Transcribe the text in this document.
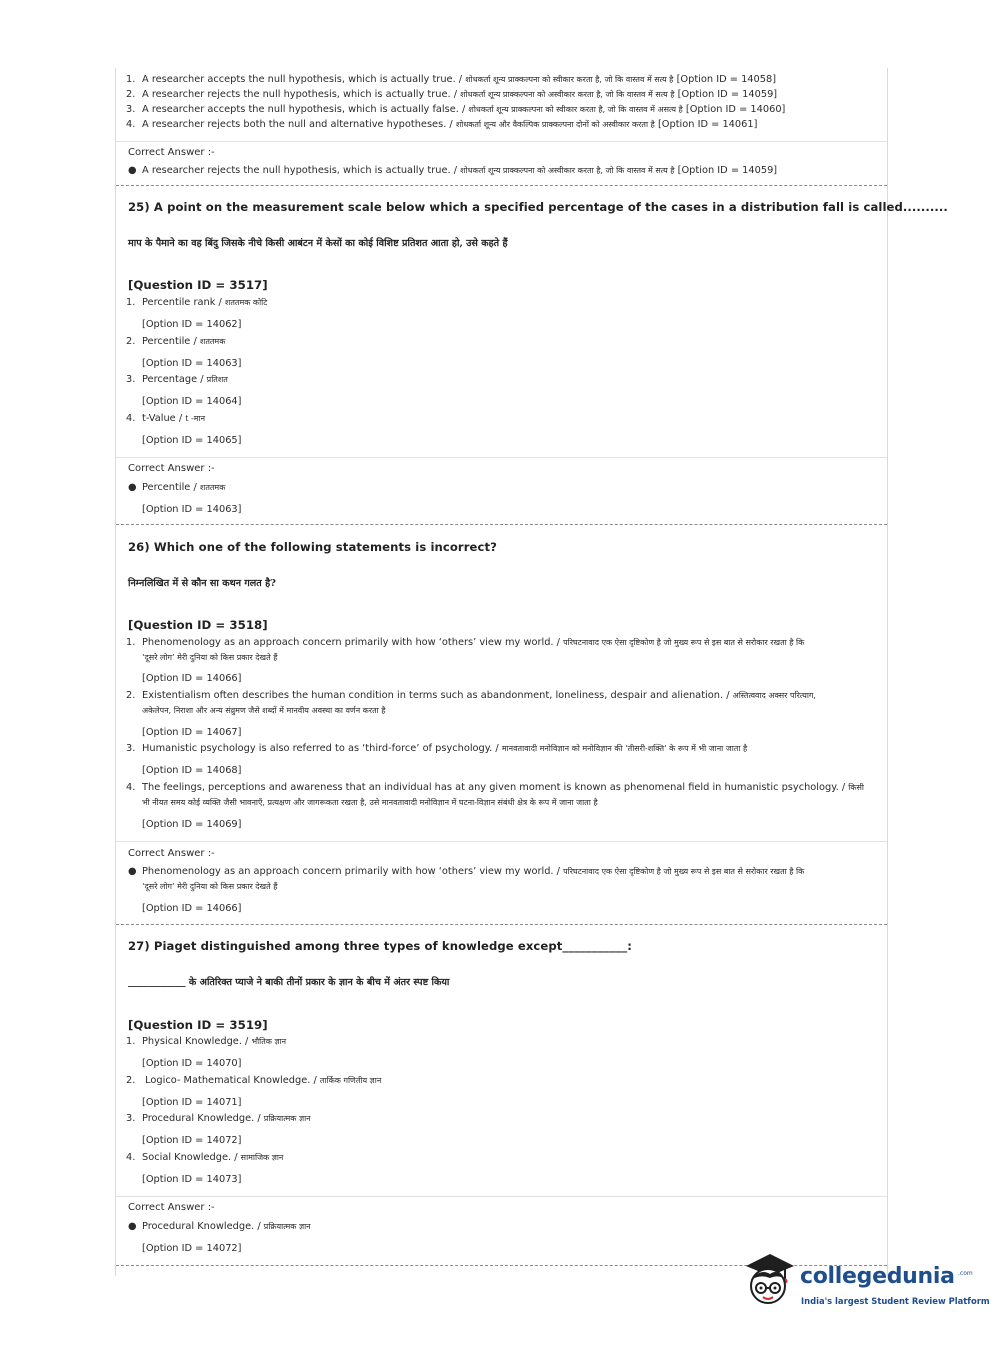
1. A researcher accepts the null hypothesis, which is actually true. / शोधकर्ता शून्य प्राक्कल्पना को स्वीकार करता है, जो कि वास्तव में सत्य है [Option ID = 14058]
2. A researcher rejects the null hypothesis, which is actually true. / शोधकर्ता शून्य प्राक्कल्पना को अस्वीकार करता है, जो कि वास्तव में सत्य है [Option ID = 14059]
3. A researcher accepts the null hypothesis, which is actually false. / शोधकर्ता शून्य प्राक्कल्पना को स्वीकार करता है, जो कि वास्तव में असत्य है [Option ID = 14060]
4. A researcher rejects both the null and alternative hypotheses. / शोधकर्ता शून्य और वैकल्पिक प्राक्कल्पना दोनों को अस्वीकार करता है [Option ID = 14061]
Correct Answer :-
● A researcher rejects the null hypothesis, which is actually true. / शोधकर्ता शून्य प्राक्कल्पना को अस्वीकार करता है, जो कि वास्तव में सत्य है [Option ID = 14059]
25) A point on the measurement scale below which a specified percentage of the cases in a distribution fall is called..........
माप के पैमाने का वह बिंदु जिसके नीचे किसी आबंटन में केसों का कोई विशिष्ट प्रतिशत आता हो, उसे कहते हैं
[Question ID = 3517]
1. Percentile rank / शततमक कोटि
[Option ID = 14062]
2. Percentile / शततमक
[Option ID = 14063]
3. Percentage / प्रतिशत
[Option ID = 14064]
4. t-Value / t -मान
[Option ID = 14065]
Correct Answer :-
● Percentile / शततमक
[Option ID = 14063]
26) Which one of the following statements is incorrect?
निम्नलिखित में से कौन सा कथन गलत है?
[Question ID = 3518]
1. Phenomenology as an approach concern primarily with how ‘others’ view my world. / परिघटनावाद एक ऐसा दृष्टिकोण है जो मुख्य रूप से इस बात से सरोकार रखता है कि
‘दूसरे लोग’ मेरी दुनिया को किस प्रकार देखते हैं
[Option ID = 14066]
2. Existentialism often describes the human condition in terms such as abandonment, loneliness, despair and alienation. / अस्तित्ववाद अक्सर परित्याग,
अकेलेपन, निराशा और अन्य संव्रुमण जैसे शब्दों में मानवीय अवस्था का वर्णन करता है
[Option ID = 14067]
3. Humanistic psychology is also referred to as ‘third-force’ of psychology. / मानवतावादी मनोविज्ञान को मनोविज्ञान की ‘तीसरी-शक्ति’ के रूप में भी जाना जाता है
[Option ID = 14068]
4. The feelings, perceptions and awareness that an individual has at any given moment is known as phenomenal field in humanistic psychology. / किसी
भी नीयत समय कोई व्यक्ति जैसी भावनाएँ, प्रत्यक्षण और जागरूकता रखता है, उसे मानवतावादी मनोविज्ञान में घटना-विज्ञान संबंधी क्षेत्र के रूप में जाना जाता है
[Option ID = 14069]
Correct Answer :-
● Phenomenology as an approach concern primarily with how ‘others’ view my world. / परिघटनावाद एक ऐसा दृष्टिकोण है जो मुख्य रूप से इस बात से सरोकार रखता है कि
‘दूसरे लोग’ मेरी दुनिया को किस प्रकार देखते हैं
[Option ID = 14066]
27) Piaget distinguished among three types of knowledge except___________:
____________ के अतिरिक्त प्याजे ने बाकी तीनों प्रकार के ज्ञान के बीच में अंतर स्पष्ट किया
[Question ID = 3519]
1. Physical Knowledge. / भौतिक ज्ञान
[Option ID = 14070]
2. Logico- Mathematical Knowledge. / तार्किक गणितीय ज्ञान
[Option ID = 14071]
3. Procedural Knowledge. / प्रक्रियात्मक ज्ञान
[Option ID = 14072]
4. Social Knowledge. / सामाजिक ज्ञान
[Option ID = 14073]
Correct Answer :-
● Procedural Knowledge. / प्रक्रियात्मक ज्ञान
[Option ID = 14072]
collegedunia .com
India's largest Student Review Platform
